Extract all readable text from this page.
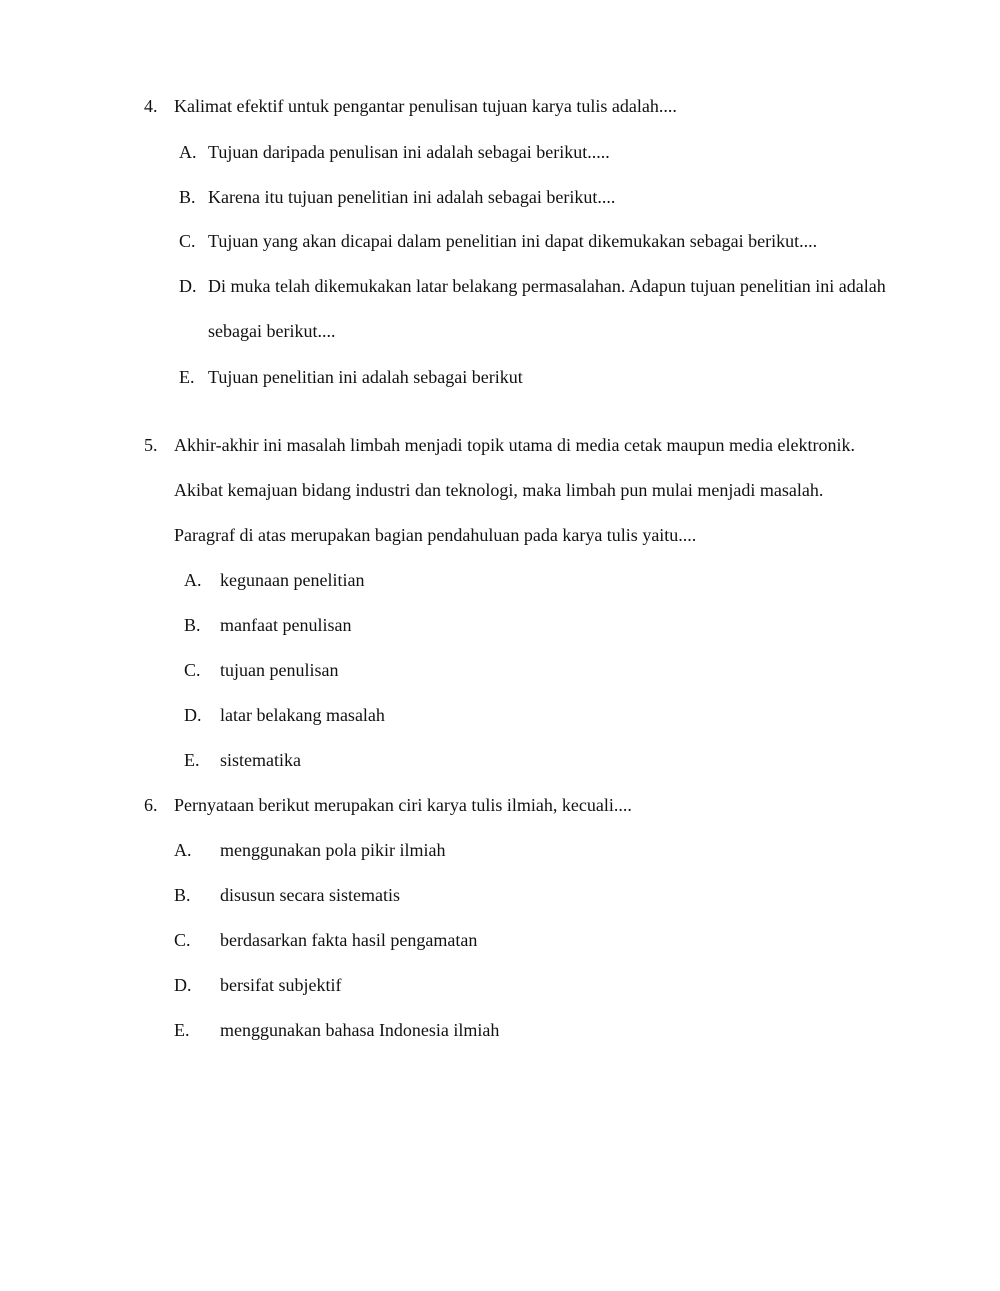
4. Kalimat efektif untuk pengantar penulisan tujuan karya tulis adalah....
A. Tujuan daripada penulisan ini adalah sebagai berikut.....
B. Karena itu tujuan penelitian ini adalah sebagai berikut....
C. Tujuan yang akan dicapai dalam penelitian ini dapat dikemukakan sebagai berikut....
D. Di muka telah dikemukakan latar belakang permasalahan. Adapun tujuan penelitian ini adalah
sebagai berikut....
E. Tujuan penelitian ini adalah sebagai berikut
5. Akhir-akhir ini masalah limbah menjadi topik utama di media cetak maupun media elektronik.
Akibat kemajuan bidang industri dan teknologi, maka limbah pun mulai menjadi masalah.
Paragraf di atas merupakan bagian pendahuluan pada karya tulis yaitu....
A. kegunaan penelitian
B. manfaat penulisan
C. tujuan penulisan
D. latar belakang masalah
E. sistematika
6. Pernyataan berikut merupakan ciri karya tulis ilmiah, kecuali....
A. menggunakan pola pikir ilmiah
B. disusun secara sistematis
C. berdasarkan fakta hasil pengamatan
D. bersifat subjektif
E. menggunakan bahasa Indonesia ilmiah
